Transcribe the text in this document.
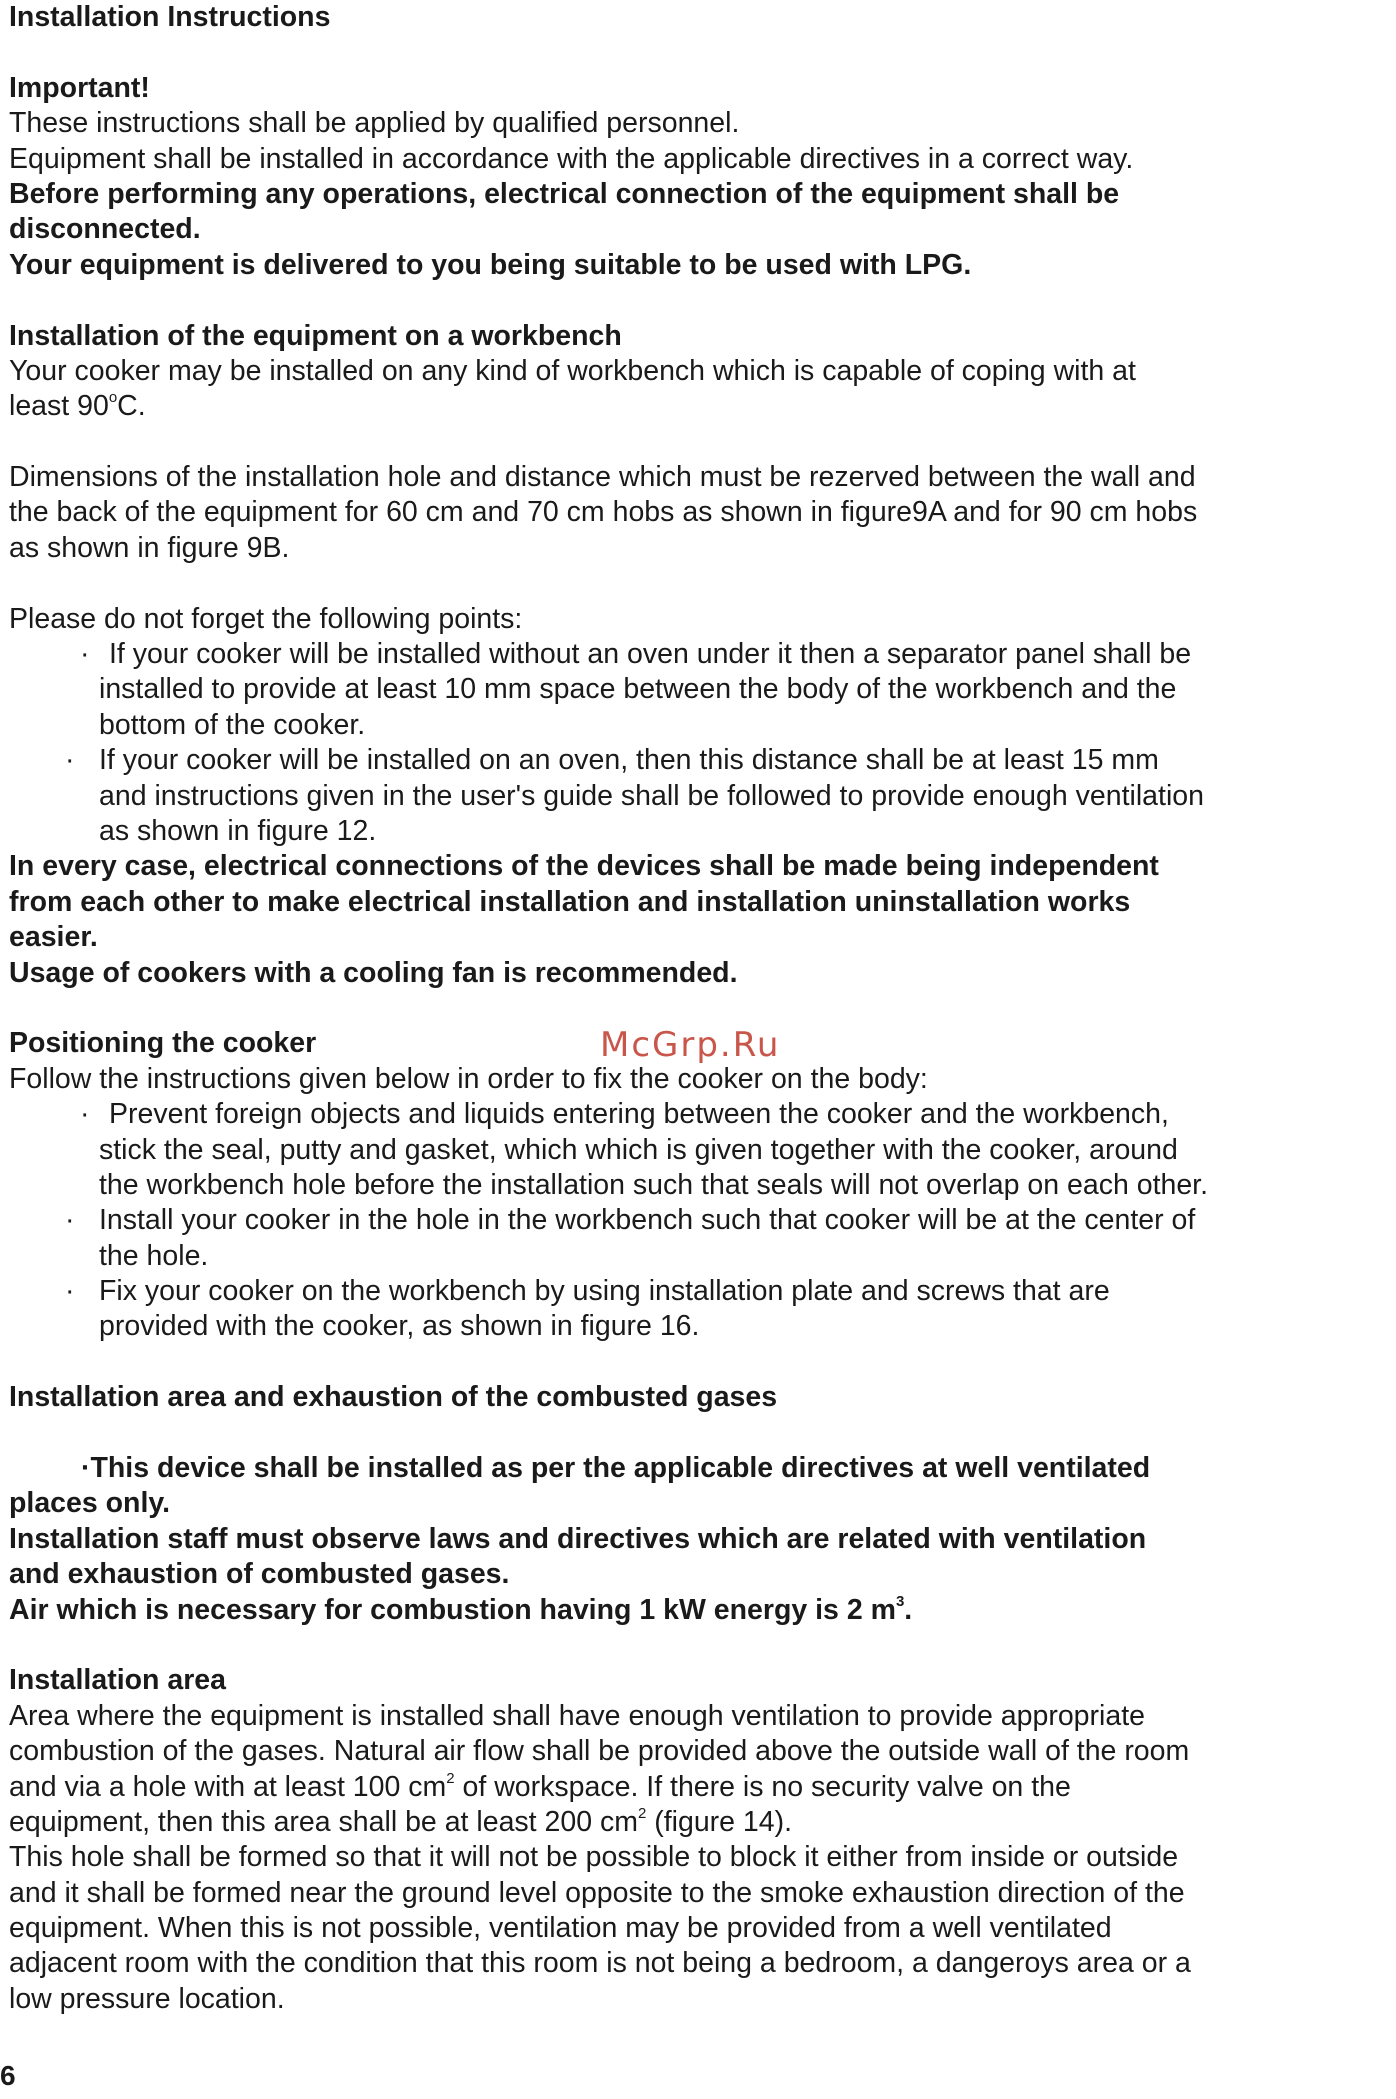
Installation Instructions
Important!
These instructions shall be applied by qualified personnel.
Equipment shall be installed in accordance with the applicable directives in a correct way.
Before performing any operations, electrical connection of the equipment shall be
disconnected.
Your equipment is delivered to you being suitable to be used with LPG.
Installation of the equipment on a workbench
Your cooker may be installed on any kind of workbench which is capable of coping with at
least 90$^o$C.
Dimensions of the installation hole and distance which must be rezerved between the wall and
the back of the equipment for 60 cm and 70 cm hobs as shown in figure9A and for 90 cm hobs
as shown in figure 9B.
Please do not forget the following points:
· If your cooker will be installed without an oven under it then a separator panel shall be
installed to provide at least 10 mm space between the body of the workbench and the
bottom of the cooker.
· If your cooker will be installed on an oven, then this distance shall be at least 15 mm
and instructions given in the user's guide shall be followed to provide enough ventilation
as shown in figure 12.
In every case, electrical connections of the devices shall be made being independent
from each other to make electrical installation and installation uninstallation works
easier.
Usage of cookers with a cooling fan is recommended.
Positioning the cooker
Follow the instructions given below in order to fix the cooker on the body:
· Prevent foreign objects and liquids entering between the cooker and the workbench,
stick the seal, putty and gasket, which which is given together with the cooker, around
the workbench hole before the installation such that seals will not overlap on each other.
· Install your cooker in the hole in the workbench such that cooker will be at the center of
the hole.
· Fix your cooker on the workbench by using installation plate and screws that are
provided with the cooker, as shown in figure 16.
Installation area and exhaustion of the combusted gases
·This device shall be installed as per the applicable directives at well ventilated
places only.
Installation staff must observe laws and directives which are related with ventilation
and exhaustion of combusted gases.
Air which is necessary for combustion having 1 kW energy is 2 $m^3$.
Installation area
Area where the equipment is installed shall have enough ventilation to provide appropriate
combustion of the gases. Natural air flow shall be provided above the outside wall of the room
and via a hole with at least 100 $cm^2$ of workspace. If there is no security valve on the
equipment, then this area shall be at least 200 $cm^2$ (figure 14).
This hole shall be formed so that it will not be possible to block it either from inside or outside
and it shall be formed near the ground level opposite to the smoke exhaustion direction of the
equipment. When this is not possible, ventilation may be provided from a well ventilated
adjacent room with the condition that this room is not being a bedroom, a dangeroys area or a
low pressure location.
McGrp.Ru
6
